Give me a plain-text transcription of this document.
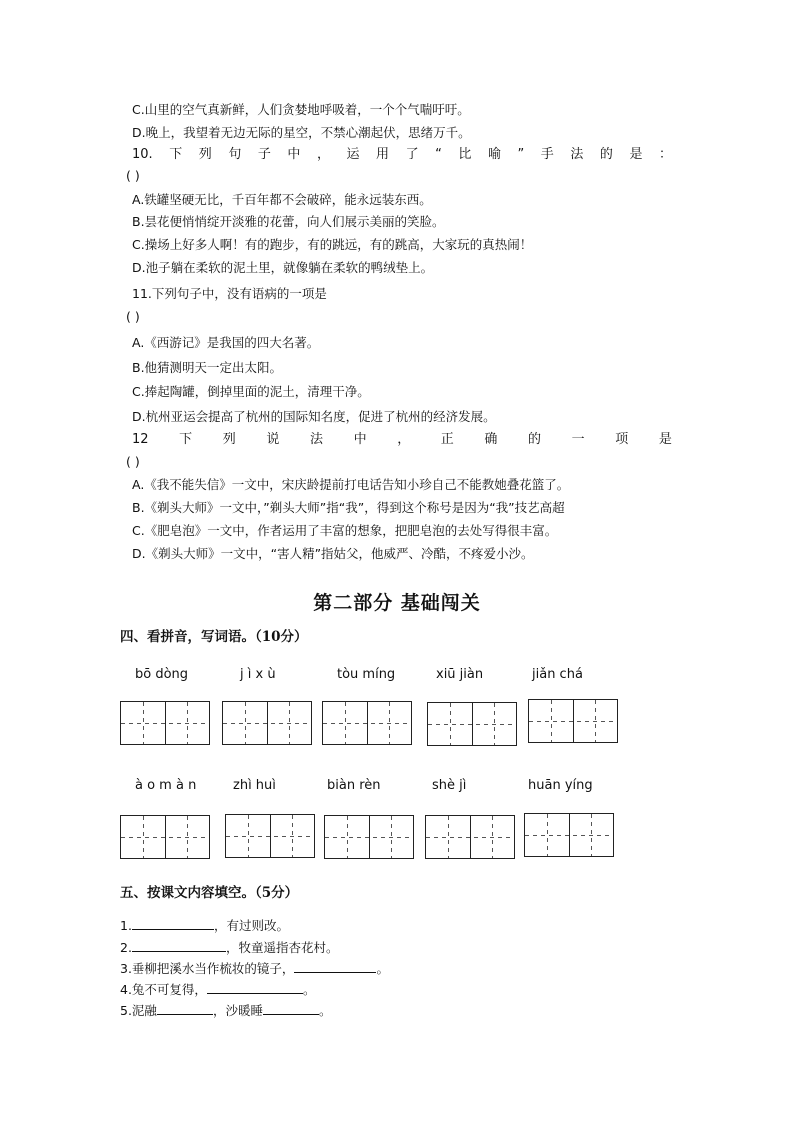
C.山里的空气真新鲜，人们贪婪地呼吸着，一个个气喘吁吁。
D.晚上，我望着无边无际的星空，不禁心潮起伏，思绪万千。
10. 下 列 句 子 中 ， 运 用 了 “ 比 喻 ” 手 法 的 是 ：
( )
A.铁罐坚硬无比，千百年都不会破碎，能永远装东西。
B.昙花便悄悄绽开淡雅的花蕾，向人们展示美丽的笑脸。
C.操场上好多人啊！有的跑步，有的跳远，有的跳高，大家玩的真热闹！
D.池子躺在柔软的泥土里，就像躺在柔软的鸭绒垫上。
11.下列句子中，没有语病的一项是
( )
A.《西游记》是我国的四大名著。
B.他猜测明天一定出太阳。
C.捧起陶罐，倒掉里面的泥土，清理干净。
D.杭州亚运会提高了杭州的国际知名度，促进了杭州的经济发展。
12 下 列 说 法 中 ， 正 确 的 一 项 是
( )
A.《我不能失信》一文中，宋庆龄提前打电话告知小珍自己不能教她叠花篮了。
B.《剃头大师》一文中，”剃头大师”指“我”，得到这个称号是因为“我”技艺高超
C.《肥皂泡》一文中，作者运用了丰富的想象，把肥皂泡的去处写得很丰富。
D.《剃头大师》一文中，“害人精”指姑父，他威严、冷酷，不疼爱小沙。
第二部分 基础闯关
四、看拼音，写词语。（10分）
bō dòng	j ì x ù	tòu míng	xiū jiàn	jiǎn chá
à o m à n	zhì huì	biàn rèn	shè jì	huān yíng
五、按课文内容填空。（5分）
1.	，有过则改。
2.	，牧童遥指杏花村。
3.垂柳把溪水当作梳妆的镜子，	。
4.兔不可复得，	。
5.泥融	，沙暖睡	。
